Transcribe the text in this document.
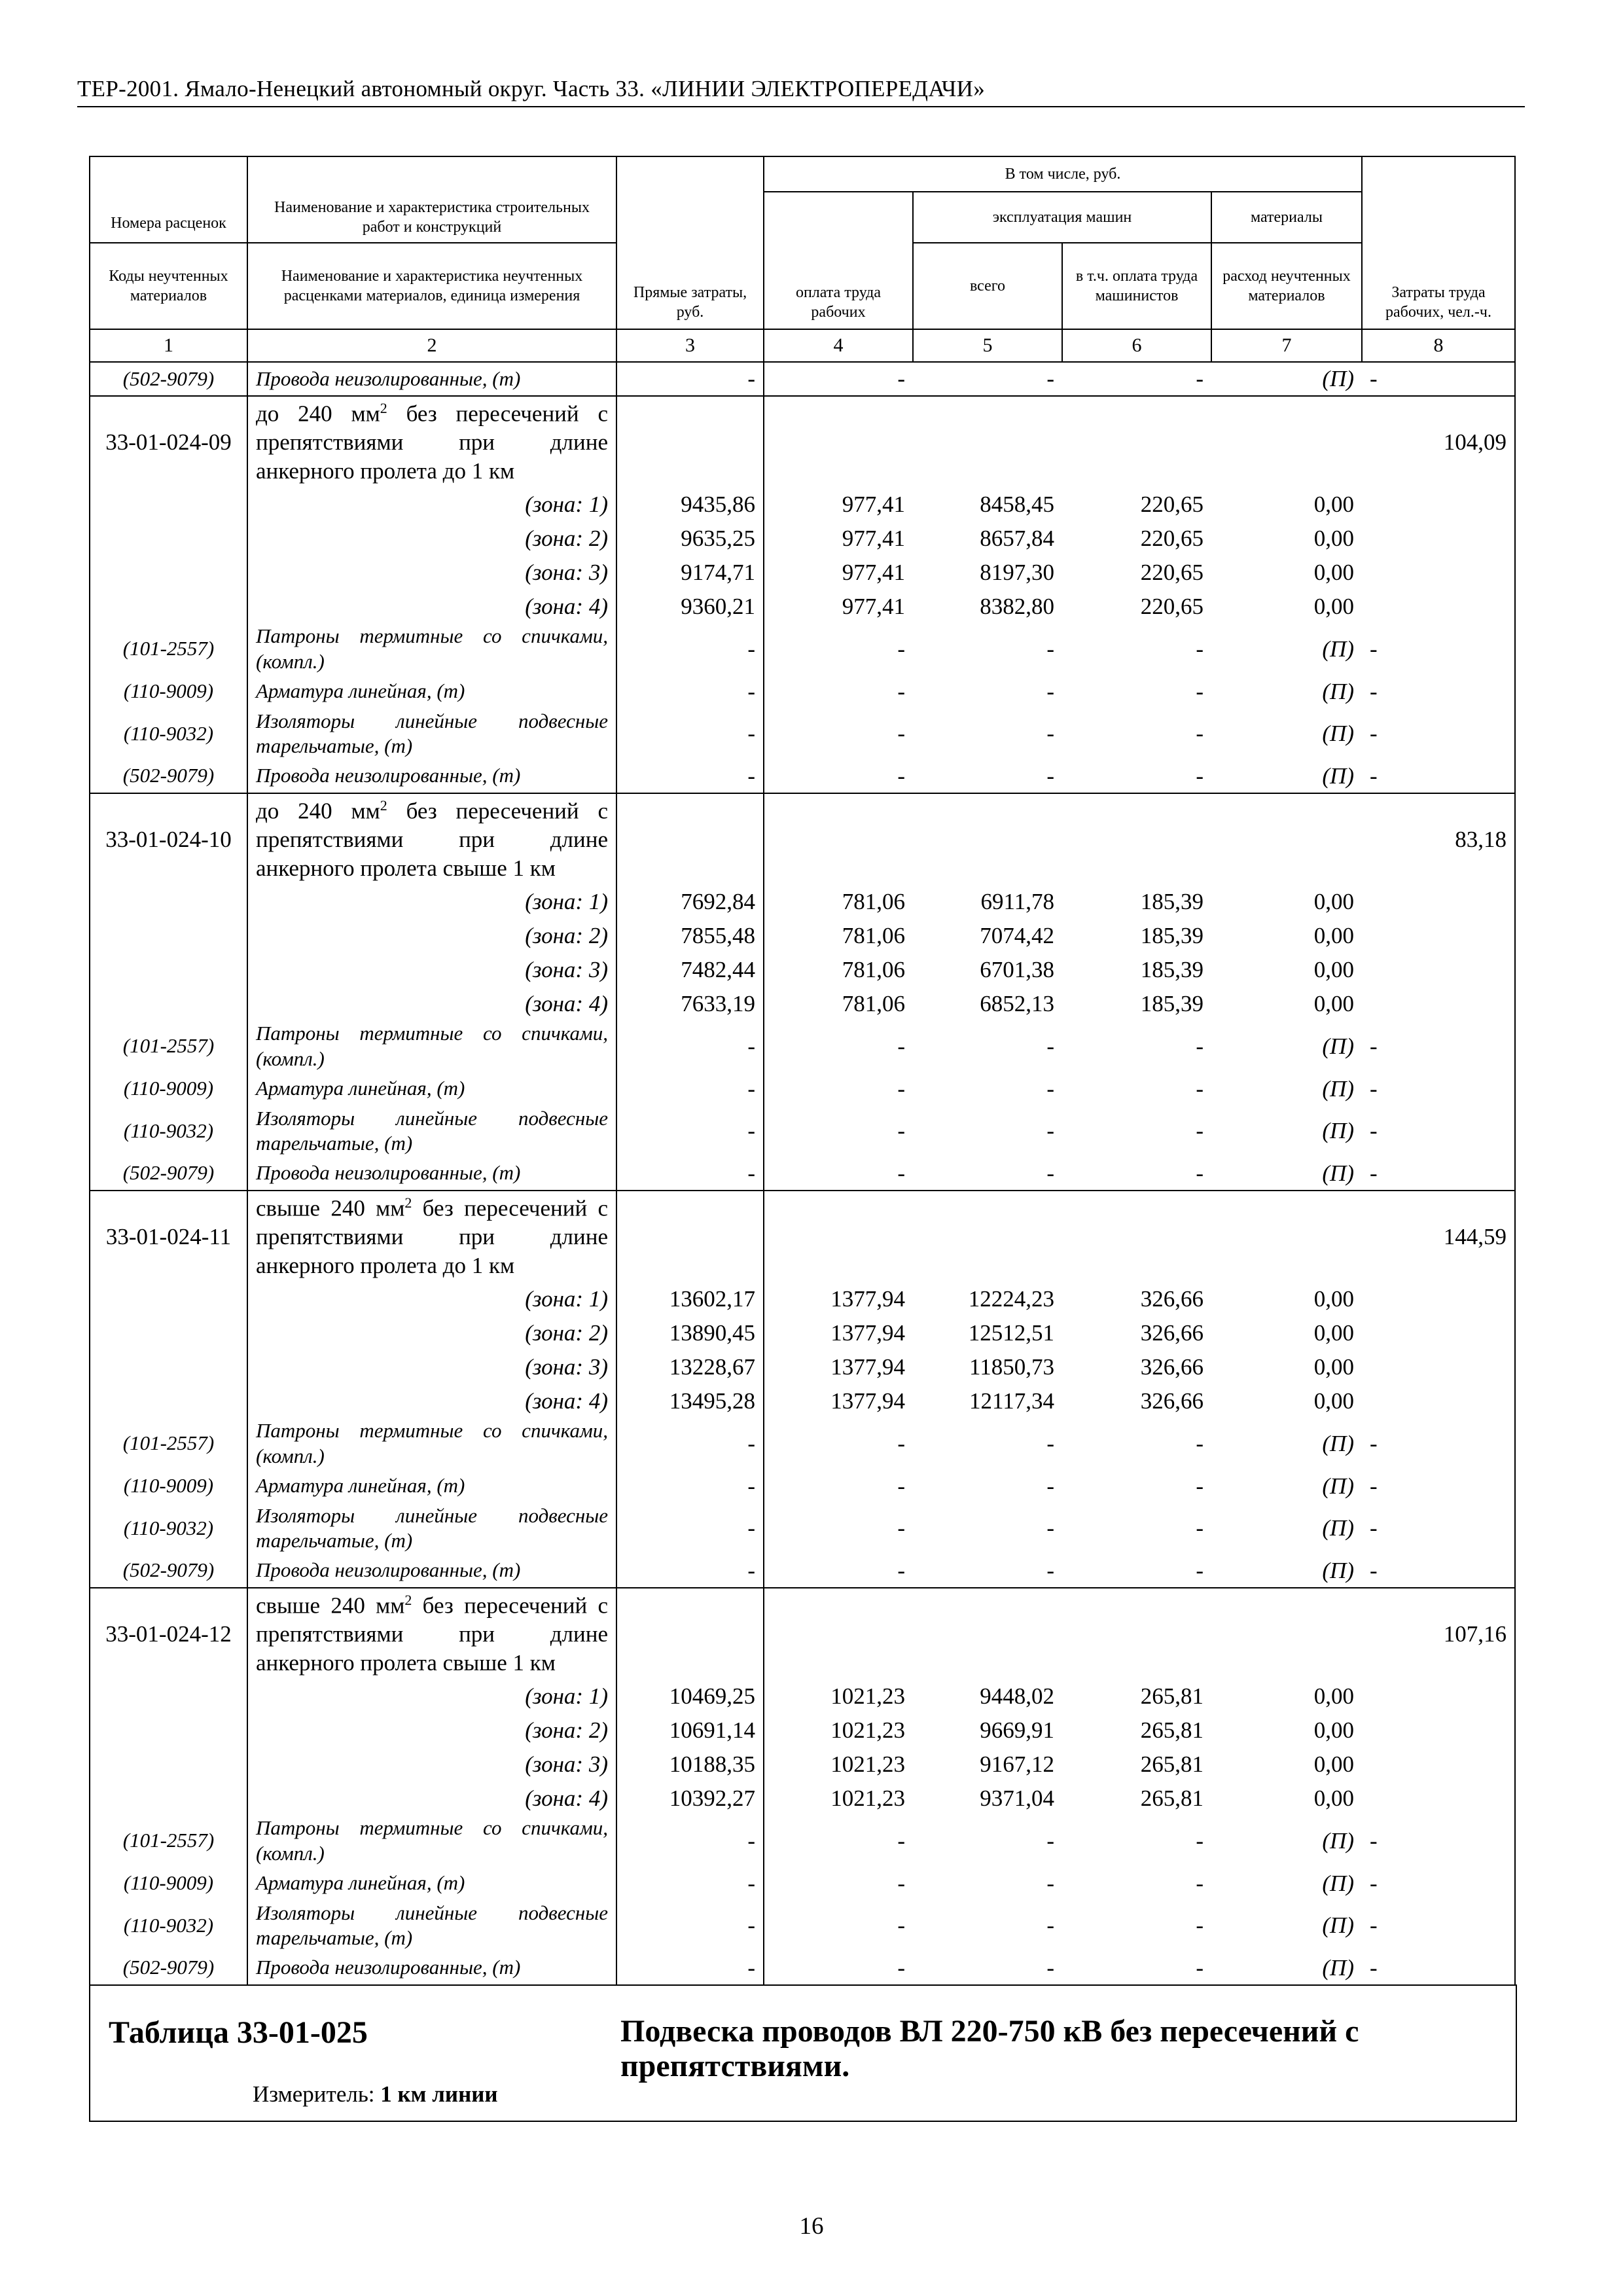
ТЕР-2001. Ямало-Ненецкий автономный округ. Часть 33. «ЛИНИИ ЭЛЕКТРОПЕРЕДАЧИ»
Номера расценок	Наименование и характеристика строительных работ и конструкций	Прямые затраты, руб.	В том числе, руб.				Затраты труда рабочих, чел.-ч.
			оплата труда рабочих	эксплуатация машин		материалы	
Коды неучтенных материалов	Наименование и характеристика неучтенных расценками материалов, единица измерения			всего	в т.ч. оплата труда машинистов	расход неучтенных материалов	
1	2	3	4	5	6	7	8
(502-9079)	Провода неизолированные, (т)	-	-	-	-	(П)	-
33-01-024-09	до 240 $мм^2$ без пересечений с препятствиями при длине анкерного пролета до 1 км						104,09
	(зона: 1)	9435,86	977,41	8458,45	220,65	0,00	
	(зона: 2)	9635,25	977,41	8657,84	220,65	0,00	
	(зона: 3)	9174,71	977,41	8197,30	220,65	0,00	
	(зона: 4)	9360,21	977,41	8382,80	220,65	0,00	
(101-2557)	Патроны термитные со спичками, (компл.)	-	-	-	-	(П)	-
(110-9009)	Арматура линейная, (т)	-	-	-	-	(П)	-
(110-9032)	Изоляторы линейные подвесные тарельчатые, (т)	-	-	-	-	(П)	-
(502-9079)	Провода неизолированные, (т)	-	-	-	-	(П)	-
33-01-024-10	до 240 $мм^2$ без пересечений с препятствиями при длине анкерного пролета свыше 1 км						83,18
	(зона: 1)	7692,84	781,06	6911,78	185,39	0,00	
	(зона: 2)	7855,48	781,06	7074,42	185,39	0,00	
	(зона: 3)	7482,44	781,06	6701,38	185,39	0,00	
	(зона: 4)	7633,19	781,06	6852,13	185,39	0,00	
(101-2557)	Патроны термитные со спичками, (компл.)	-	-	-	-	(П)	-
(110-9009)	Арматура линейная, (т)	-	-	-	-	(П)	-
(110-9032)	Изоляторы линейные подвесные тарельчатые, (т)	-	-	-	-	(П)	-
(502-9079)	Провода неизолированные, (т)	-	-	-	-	(П)	-
33-01-024-11	свыше 240 $мм^2$ без пересечений с препятствиями при длине анкерного пролета до 1 км						144,59
	(зона: 1)	13602,17	1377,94	12224,23	326,66	0,00	
	(зона: 2)	13890,45	1377,94	12512,51	326,66	0,00	
	(зона: 3)	13228,67	1377,94	11850,73	326,66	0,00	
	(зона: 4)	13495,28	1377,94	12117,34	326,66	0,00	
(101-2557)	Патроны термитные со спичками, (компл.)	-	-	-	-	(П)	-
(110-9009)	Арматура линейная, (т)	-	-	-	-	(П)	-
(110-9032)	Изоляторы линейные подвесные тарельчатые, (т)	-	-	-	-	(П)	-
(502-9079)	Провода неизолированные, (т)	-	-	-	-	(П)	-
33-01-024-12	свыше 240 $мм^2$ без пересечений с препятствиями при длине анкерного пролета свыше 1 км						107,16
	(зона: 1)	10469,25	1021,23	9448,02	265,81	0,00	
	(зона: 2)	10691,14	1021,23	9669,91	265,81	0,00	
	(зона: 3)	10188,35	1021,23	9167,12	265,81	0,00	
	(зона: 4)	10392,27	1021,23	9371,04	265,81	0,00	
(101-2557)	Патроны термитные со спичками, (компл.)	-	-	-	-	(П)	-
(110-9009)	Арматура линейная, (т)	-	-	-	-	(П)	-
(110-9032)	Изоляторы линейные подвесные тарельчатые, (т)	-	-	-	-	(П)	-
(502-9079)	Провода неизолированные, (т)	-	-	-	-	(П)	-
Таблица 33-01-025	Подвеска проводов ВЛ 220-750 кВ без пересечений с препятствиями.
Измеритель: 1 км линии
16
